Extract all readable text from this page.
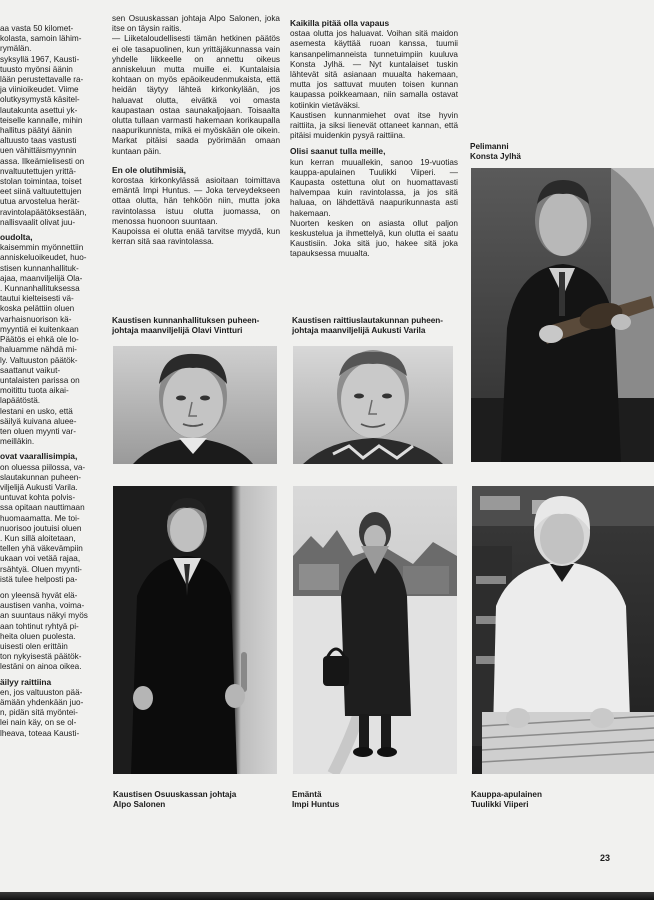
aa vasta 50 kilomet-
kolasta, samoin lähim-
rymälän.
syksyllä 1967, Kausti-
tuusto myönsi äänin
lään perustettavalle ra-
ja viinioikeudet. Viime
olutkysymystä käsitel-
lautakunta asettui yk-
teiselle kannalle, mihin
hallitus päätyi äänin
altuusto taas vastusti
uen vähittäismyynnin
assa. Ilkeämielisesti on
nvaltuutettujen yrittä-
stolan toimintaa, toiset
eet siinä valtuutettujen
utua arvostelua herät-
ravintolapäätöksestään,
nallisvaalit olivat juu-

oudolta,

kaisemmin myönnettiin
anniskeluoikeudet, huo-
stisen kunnanhallituk-
ajaa, maanviljelijä Ola-
. Kunnanhallituksessa
tautui kielteisesti vä-
koska pelättiin oluen
varhaisnuorison kä-
myyntiä ei kuitenkaan
Päätös ei ehkä ole lo-
haluamme nähdä mi-
ly. Valtuuston päätök-
saattanut vaikut-
untalaisten parissa on
moitittu tuota aikai-
lapäätöstä.
lestani en usko, että
säilyä kuivana aluee-
ten oluen myynti var-
meilläkin.

ovat vaarallisimpia,

on oluessa piilossa, va-
slautakunnan puheen-
viljelijä Aukusti Varila.
untuvat kohta polvis-
ssa opitaan nauttimaan
huomaamatta. Me toi-
nuorisoo joutuisi oluen
. Kun sillä aloitetaan,
tellen yhä väkevämpiin
ukaan voi vetää rajaa,
rsähtyä. Oluen myynti-
istä tulee helposti pa-

on yleensä hyvät elä-
austisen vanha, voima-
an suuntaus näkyi myös
aan tohtinut ryhtyä pi-
heita oluen puolesta.
uisesti olen erittäin
ton nykyisestä päätök-
lestäni on ainoa oikea.

äilyy raittiina

en, jos valtuuston pää-
ämään yhdenkään juo-
n, pidän sitä myöntei-
lei nain käy, on se ol-
lheava, toteaa Kausti-

sen Osuuskassan johtaja Alpo Salonen, joka itse on täysin raitis.
— Liiketaloudellisesti tämän hetkinen päätös ei ole tasapuolinen, kun yrittäjäkunnassa vain yhdelle liikkeelle on annettu oikeus anniskeluun mutta muille ei. Kuntalaisia kohtaan on myös epäoikeudenmukaista, että heidän täytyy lähteä kirkonkylään, jos haluavat olutta, eivätkä voi omasta kaupastaan ostaa saunakaljojaan. Toisaalta olutta tullaan varmasti hakemaan korikaupalla naapurikunnista, mikä ei myöskään ole oikein. Markat pitäisi saada pyörimään omaan kuntaan päin.

En ole olutihmisiä,

korostaa kirkonkylässä asioitaan toimittava emäntä Impi Huntus. — Joka terveydekseen ottaa olutta, hän tehköön niin, mutta joka ravintolassa istuu olutta juomassa, on menossa huonoon suuntaan.
Kaupoissa ei olutta enää tarvitse myydä, kun kerran sitä saa ravintolassa.

Kaikilla pitää olla vapaus

ostaa olutta jos haluavat. Voihan sitä maidon asemesta käyttää ruoan kanssa, tuumii kansanpelimanneista tunnetuimpiin kuuluva Konsta Jylhä. — Nyt kuntalaiset tuskin lähtevät sitä asianaan muualta hakemaan, mutta jos sattuvat muuten toisen kunnan kaupassa poikkeamaan, niin samalla ostavat kotiinkin vietäväksi.
Kaustisen kunnanmiehet ovat itse hyvin raittiita, ja siksi lienevät ottaneet kannan, että pitäisi muidenkin pysyä raittiina.

Olisi saanut tulla meille,

kun kerran muuallekin, sanoo 19-vuotias kauppa-apulainen Tuulikki Viiperi. — Kaupasta ostettuna olut on huomattavasti halvempaa kuin ravintolassa, ja jos sitä haluaa, on lähdettävä naapurikunnasta asti hakemaan.
Nuorten kesken on asiasta ollut paljon keskustelua ja ihmettelyä, kun olutta ei saatu Kaustisiin. Joka sitä juo, hakee sitä joka tapauksessa muualta.

Kaustisen kunnanhallituksen puheen-
johtaja maanviljelijä Olavi Vintturi
Kaustisen raittiuslautakunnan puheen-
johtaja maanviljelijä Aukusti Varila
Pelimanni
Konsta Jylhä
Kaustisen Osuuskassan johtaja
Alpo Salonen
Emäntä
Impi Huntus
Kauppa-apulainen
Tuulikki Viiperi
23
